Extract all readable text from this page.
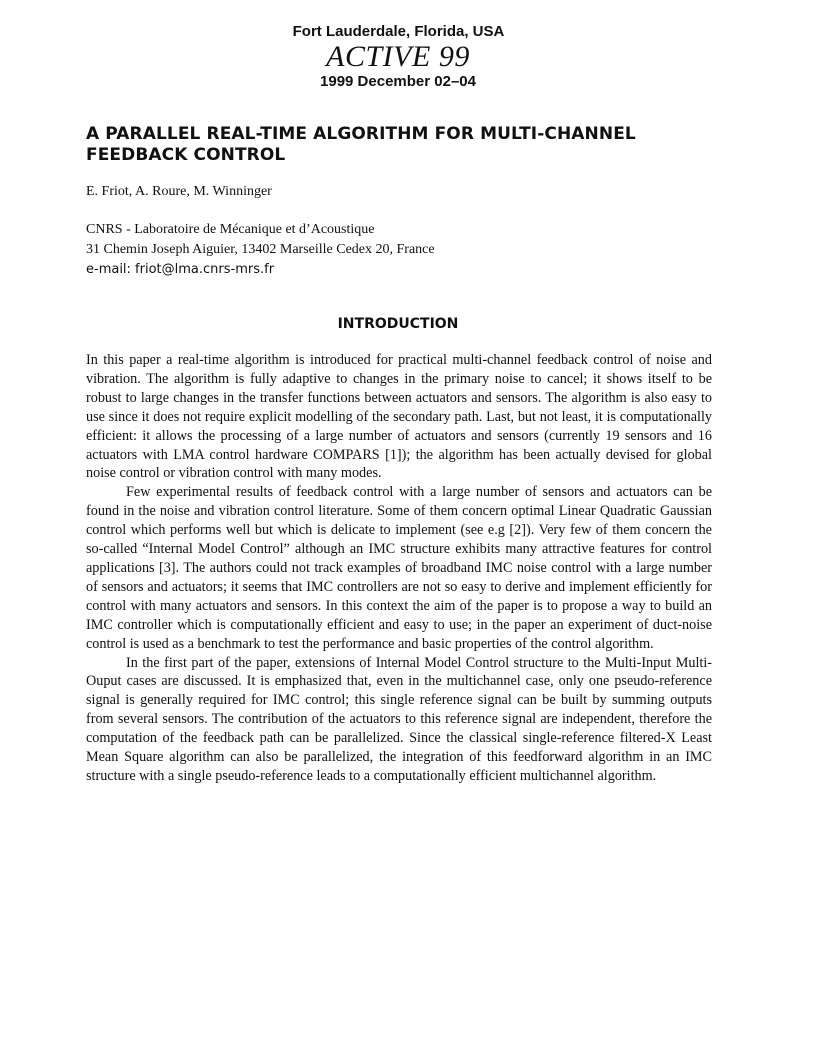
Fort Lauderdale, Florida, USA
ACTIVE 99
1999 December 02–04
A PARALLEL REAL-TIME ALGORITHM FOR MULTI-CHANNEL FEEDBACK CONTROL
E. Friot, A. Roure, M. Winninger
CNRS - Laboratoire de Mécanique et d’Acoustique
31 Chemin Joseph Aiguier, 13402 Marseille Cedex 20, France
e-mail: friot@lma.cnrs-mrs.fr
INTRODUCTION

In this paper a real-time algorithm is introduced for practical multi-channel feedback control of noise and vibration. The algorithm is fully adaptive to changes in the primary noise to cancel; it shows itself to be robust to large changes in the transfer functions between actuators and sensors. The algorithm is also easy to use since it does not require explicit modelling of the secondary path. Last, but not least, it is computationally efficient: it allows the processing of a large number of actuators and sensors (currently 19 sensors and 16 actuators with LMA control hardware COMPARS [1]); the algorithm has been actually devised for global noise control or vibration control with many modes.

Few experimental results of feedback control with a large number of sensors and actuators can be found in the noise and vibration control literature. Some of them concern optimal Linear Quadratic Gaussian control which performs well but which is delicate to implement (see e.g [2]). Very few of them concern the so-called “Internal Model Control” although an IMC structure exhibits many attractive features for control applications [3]. The authors could not track examples of broadband IMC noise control with a large number of sensors and actuators; it seems that IMC controllers are not so easy to derive and implement efficiently for control with many actuators and sensors. In this context the aim of the paper is to propose a way to build an IMC controller which is computationally efficient and easy to use; in the paper an experiment of duct-noise control is used as a benchmark to test the performance and basic properties of the control algorithm.

In the first part of the paper, extensions of Internal Model Control structure to the Multi-Input Multi-Ouput cases are discussed. It is emphasized that, even in the multichannel case, only one pseudo-reference signal is generally required for IMC control; this single reference signal can be built by summing outputs from several sensors. The contribution of the actuators to this reference signal are independent, therefore the computation of the feedback path can be parallelized. Since the classical single-reference filtered-X Least Mean Square algorithm can also be parallelized, the integration of this feedforward algorithm in an IMC structure with a single pseudo-reference leads to a computationally efficient multichannel algorithm.
